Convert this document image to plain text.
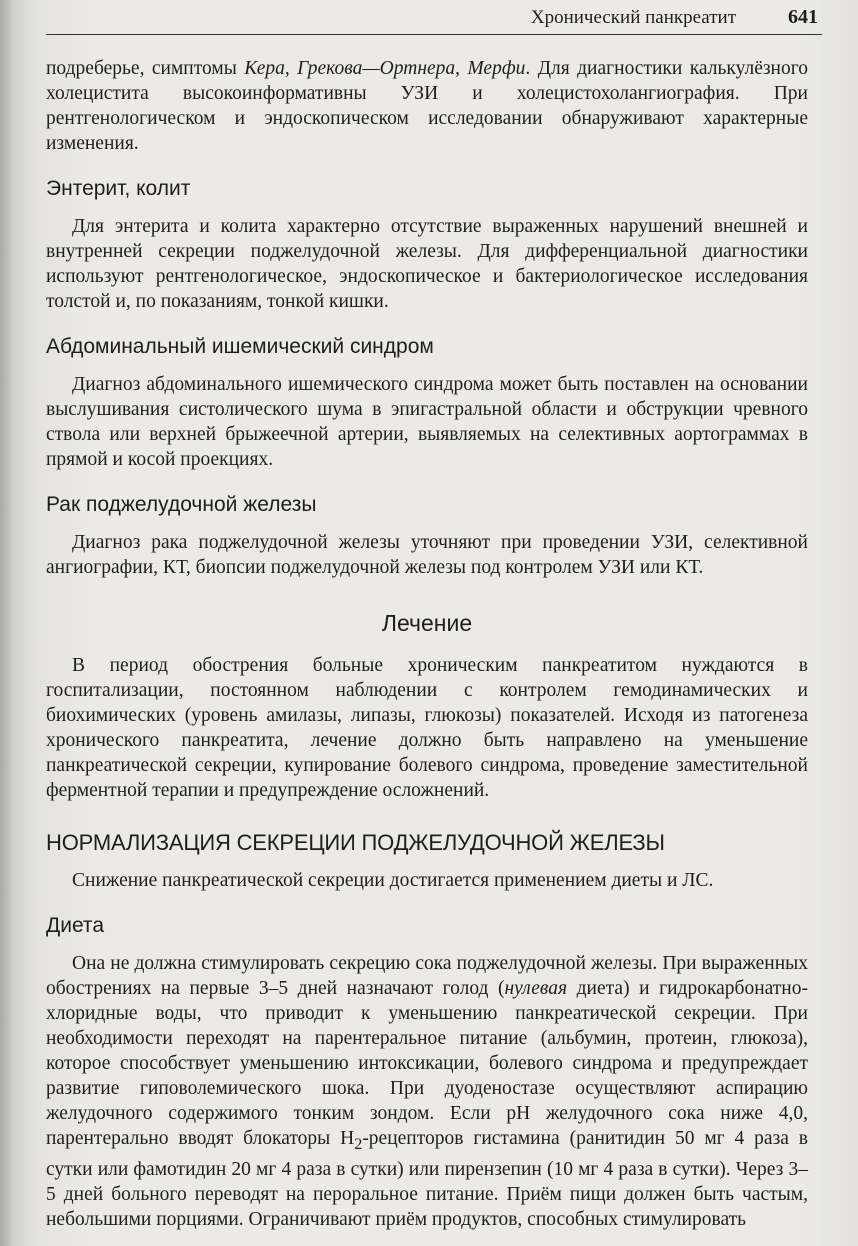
Хронический панкреатит	641

подреберье, симптомы Кера, Грекова—Ортнера, Мерфи. Для диагностики калькулёзного холецистита высокоинформативны УЗИ и холецистохолангиография. При рентгенологическом и эндоскопическом исследовании обнаруживают характерные изменения.

Энтерит, колит

Для энтерита и колита характерно отсутствие выраженных нарушений внешней и внутренней секреции поджелудочной железы. Для дифференциальной диагностики используют рентгенологическое, эндоскопическое и бактериологическое исследования толстой и, по показаниям, тонкой кишки.

Абдоминальный ишемический синдром

Диагноз абдоминального ишемического синдрома может быть поставлен на основании выслушивания систолического шума в эпигастральной области и обструкции чревного ствола или верхней брыжеечной артерии, выявляемых на селективных аортограммах в прямой и косой проекциях.

Рак поджелудочной железы

Диагноз рака поджелудочной железы уточняют при проведении УЗИ, селективной ангиографии, КТ, биопсии поджелудочной железы под контролем УЗИ или КТ.

Лечение

В период обострения больные хроническим панкреатитом нуждаются в госпитализации, постоянном наблюдении с контролем гемодинамических и биохимических (уровень амилазы, липазы, глюкозы) показателей. Исходя из патогенеза хронического панкреатита, лечение должно быть направлено на уменьшение панкреатической секреции, купирование болевого синдрома, проведение заместительной ферментной терапии и предупреждение осложнений.

НОРМАЛИЗАЦИЯ СЕКРЕЦИИ ПОДЖЕЛУДОЧНОЙ ЖЕЛЕЗЫ

Снижение панкреатической секреции достигается применением диеты и ЛС.

Диета

Она не должна стимулировать секрецию сока поджелудочной железы. При выраженных обострениях на первые 3–5 дней назначают голод (нулевая диета) и гидрокарбонатно-хлоридные воды, что приводит к уменьшению панкреатической секреции. При необходимости переходят на парентеральное питание (альбумин, протеин, глюкоза), которое способствует уменьшению интоксикации, болевого синдрома и предупреждает развитие гиповолемического шока. При дуоденостазе осуществляют аспирацию желудочного содержимого тонким зондом. Если pH желудочного сока ниже 4,0, парентерально вводят блокаторы $H_2$-рецепторов гистамина (ранитидин 50 мг 4 раза в сутки или фамотидин 20 мг 4 раза в сутки) или пирензепин (10 мг 4 раза в сутки). Через 3–5 дней больного переводят на пероральное питание. Приём пищи должен быть частым, небольшими порциями. Ограничивают приём продуктов, способных стимулировать
